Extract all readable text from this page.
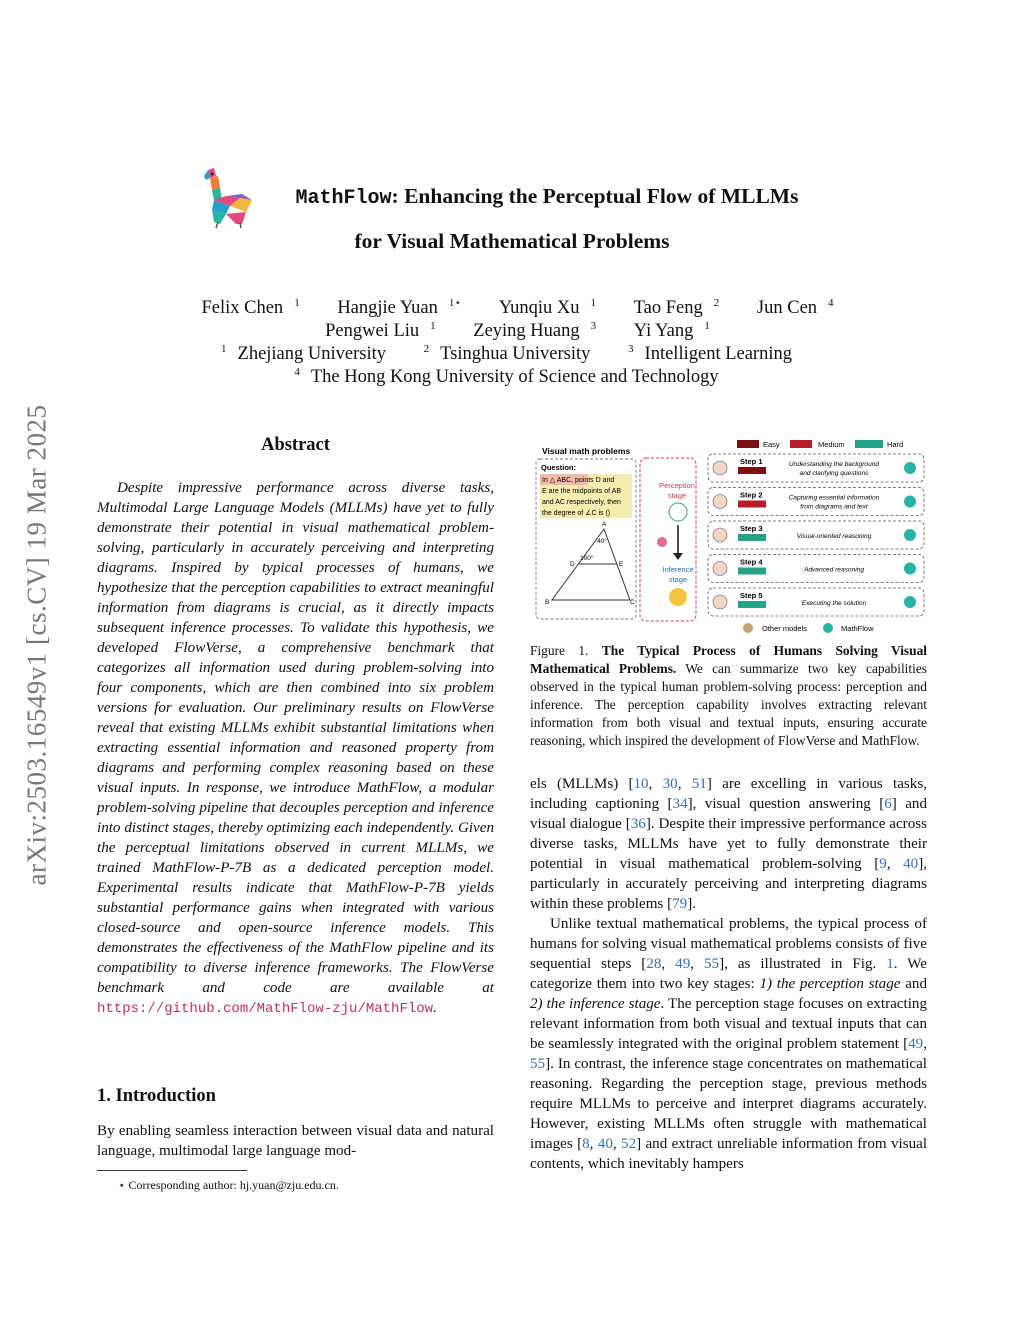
arXiv:2503.16549v1 [cs.CV] 19 Mar 2025
MathFlow: Enhancing the Perceptual Flow of MLLMs
for Visual Mathematical Problems
Felix Chen $^1$ Hangjie Yuan $^{1⋆}$ Yunqiu Xu $^1$ Tao Feng $^2$ Jun Cen $^4$
Pengwei Liu $^1$ Zeying Huang $^3$ Yi Yang $^1$
$^1$ Zhejiang University	$^2$ Tsinghua University	$^3$ Intelligent Learning
$^4$ The Hong Kong University of Science and Technology
Abstract
Despite impressive performance across diverse tasks, Multimodal Large Language Models (MLLMs) have yet to fully demonstrate their potential in visual mathematical problem-solving, particularly in accurately perceiving and interpreting diagrams. Inspired by typical processes of humans, we hypothesize that the perception capabilities to extract meaningful information from diagrams is crucial, as it directly impacts subsequent inference processes. To validate this hypothesis, we developed FlowVerse, a comprehensive benchmark that categorizes all information used during problem-solving into four components, which are then combined into six problem versions for evaluation. Our preliminary results on FlowVerse reveal that existing MLLMs exhibit substantial limitations when extracting essential information and reasoned property from diagrams and performing complex reasoning based on these visual inputs. In response, we introduce MathFlow, a modular problem-solving pipeline that decouples perception and inference into distinct stages, thereby optimizing each independently. Given the perceptual limitations observed in current MLLMs, we trained MathFlow-P-7B as a dedicated perception model. Experimental results indicate that MathFlow-P-7B yields substantial performance gains when integrated with various closed-source and open-source inference models. This demonstrates the effectiveness of the MathFlow pipeline and its compatibility to diverse inference frameworks. The FlowVerse benchmark and code are available at https://github.com/MathFlow-zju/MathFlow.
1. Introduction
By enabling seamless interaction between visual data and natural language, multimodal large language mod-
⋆ Corresponding author: hj.yuan@zju.edu.cn.
Visual math problems
Question:
In △ ABC, points D and
E are the midpoints of AB
and AC respectively, then
the degree of ∠C is ()
A
D	E
B	C
40°
100°
Perception
stage
Inference
stage
Easy	Medium	Hard
Step 1	Understanding the background
and clarifying questions
Step 2	Capturing essential information
from diagrams and text
Step 3
Visual-oriented reasoning
Step 4
Advanced reasoning
Step 5
Executing the solution
Other models	MathFlow
Figure 1. The Typical Process of Humans Solving Visual Mathematical Problems. We can summarize two key capabilities observed in the typical human problem-solving process: perception and inference. The perception capability involves extracting relevant information from both visual and textual inputs, ensuring accurate reasoning, which inspired the development of FlowVerse and MathFlow.

els (MLLMs) [10, 30, 51] are excelling in various tasks, including captioning [34], visual question answering [6] and visual dialogue [36]. Despite their impressive performance across diverse tasks, MLLMs have yet to fully demonstrate their potential in visual mathematical problem-solving [9, 40], particularly in accurately perceiving and interpreting diagrams within these problems [79].

Unlike textual mathematical problems, the typical process of humans for solving visual mathematical problems consists of five sequential steps [28, 49, 55], as illustrated in Fig. 1. We categorize them into two key stages: 1) the perception stage and 2) the inference stage. The perception stage focuses on extracting relevant information from both visual and textual inputs that can be seamlessly integrated with the original problem statement [49, 55]. In contrast, the inference stage concentrates on mathematical reasoning. Regarding the perception stage, previous methods require MLLMs to perceive and interpret diagrams accurately. However, existing MLLMs often struggle with mathematical images [8, 40, 52] and extract unreliable information from visual contents, which inevitably hampers
